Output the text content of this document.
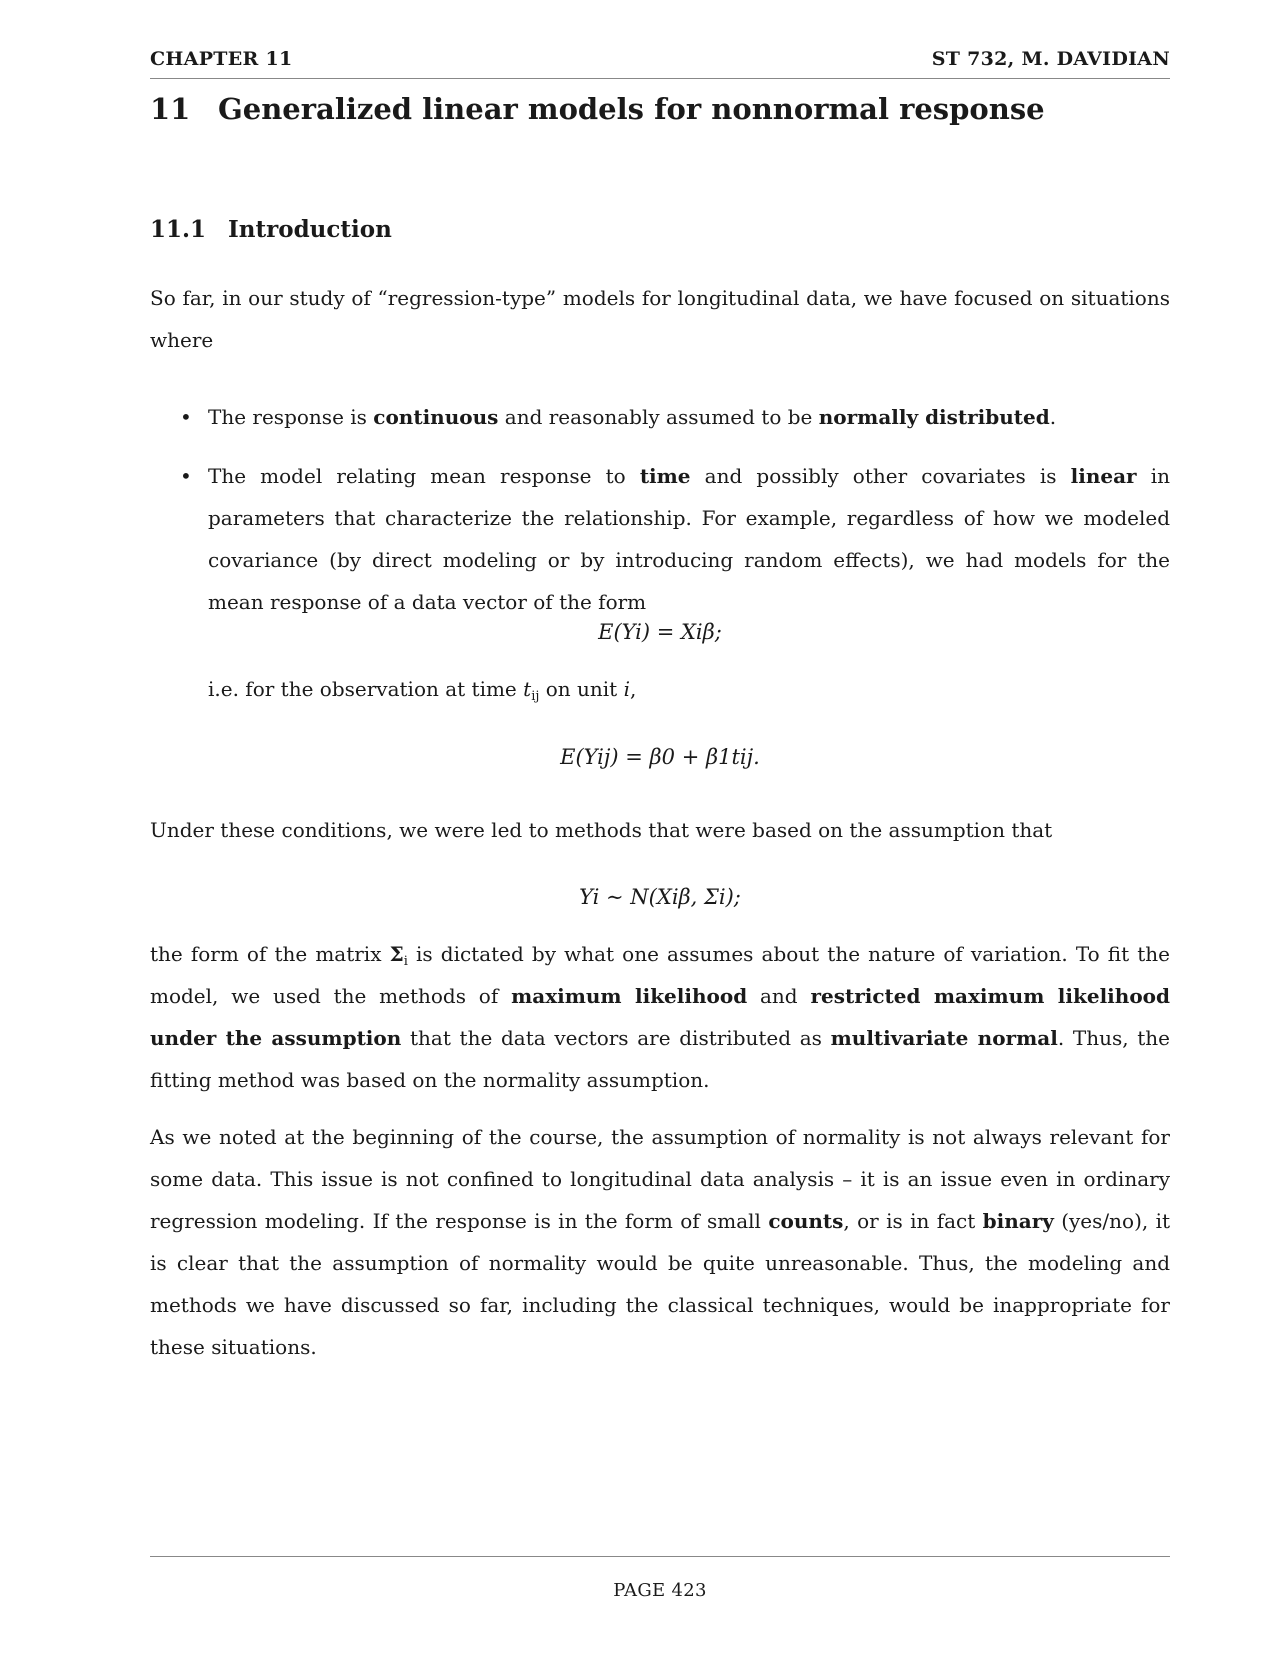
CHAPTER 11	ST 732, M. DAVIDIAN
11 Generalized linear models for nonnormal response
11.1 Introduction
So far, in our study of “regression-type” models for longitudinal data, we have focused on situations where
• The response is continuous and reasonably assumed to be normally distributed.
• The model relating mean response to time and possibly other covariates is linear in parameters that characterize the relationship. For example, regardless of how we modeled covariance (by direct modeling or by introducing random effects), we had models for the mean response of a data vector of the form
E(Yi) = Xiβ;
i.e. for the observation at time $t_{ij}$ on unit i,
E(Yij) = β0 + β1tij.
Under these conditions, we were led to methods that were based on the assumption that
Yi ∼ N(Xiβ, Σi);
the form of the matrix $\Sigma_i$ is dictated by what one assumes about the nature of variation. To fit the model, we used the methods of maximum likelihood and restricted maximum likelihood under the assumption that the data vectors are distributed as multivariate normal. Thus, the fitting method was based on the normality assumption.
As we noted at the beginning of the course, the assumption of normality is not always relevant for some data. This issue is not confined to longitudinal data analysis – it is an issue even in ordinary regression modeling. If the response is in the form of small counts, or is in fact binary (yes/no), it is clear that the assumption of normality would be quite unreasonable. Thus, the modeling and methods we have discussed so far, including the classical techniques, would be inappropriate for these situations.
PAGE 423
